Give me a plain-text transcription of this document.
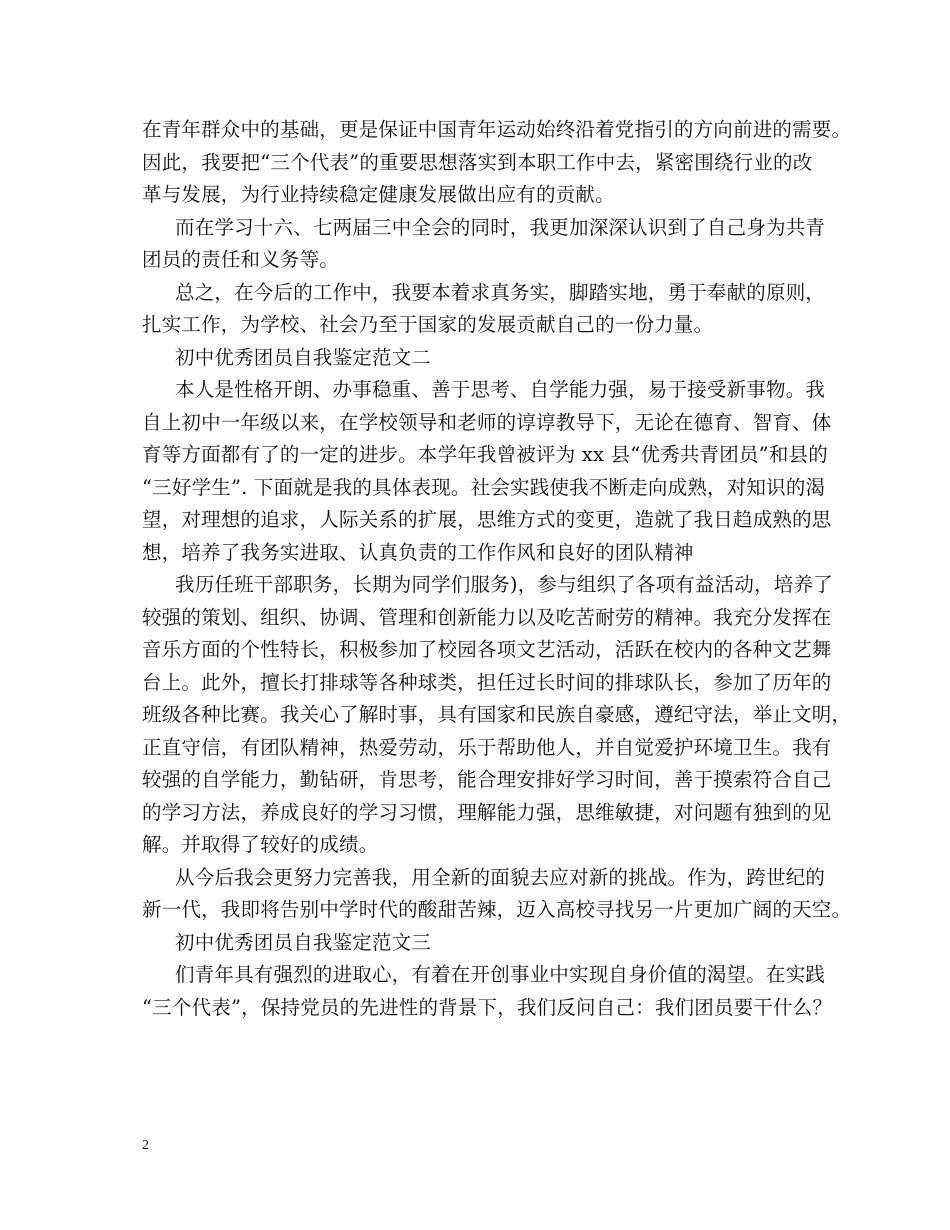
在青年群众中的基础，更是保证中国青年运动始终沿着党指引的方向前进的需要。
因此，我要把“三个代表”的重要思想落实到本职工作中去，紧密围绕行业的改
革与发展，为行业持续稳定健康发展做出应有的贡献。
而在学习十六、七两届三中全会的同时，我更加深深认识到了自己身为共青
团员的责任和义务等。
总之，在今后的工作中，我要本着求真务实，脚踏实地，勇于奉献的原则，
扎实工作，为学校、社会乃至于国家的发展贡献自己的一份力量。
初中优秀团员自我鉴定范文二
本人是性格开朗、办事稳重、善于思考、自学能力强，易于接受新事物。我
自上初中一年级以来，在学校领导和老师的谆谆教导下，无论在德育、智育、体
育等方面都有了的一定的进步。本学年我曾被评为 xx 县“优秀共青团员”和县的
“三好学生”. 下面就是我的具体表现。社会实践使我不断走向成熟，对知识的渴
望，对理想的追求，人际关系的扩展，思维方式的变更，造就了我日趋成熟的思
想，培养了我务实进取、认真负责的工作作风和良好的团队精神
我历任班干部职务，长期为同学们服务)，参与组织了各项有益活动，培养了
较强的策划、组织、协调、管理和创新能力以及吃苦耐劳的精神。我充分发挥在
音乐方面的个性特长，积极参加了校园各项文艺活动，活跃在校内的各种文艺舞
台上。此外，擅长打排球等各种球类，担任过长时间的排球队长，参加了历年的
班级各种比赛。我关心了解时事，具有国家和民族自豪感，遵纪守法，举止文明，
正直守信，有团队精神，热爱劳动，乐于帮助他人，并自觉爱护环境卫生。我有
较强的自学能力，勤钻研，肯思考，能合理安排好学习时间，善于摸索符合自己
的学习方法，养成良好的学习习惯，理解能力强，思维敏捷，对问题有独到的见
解。并取得了较好的成绩。
从今后我会更努力完善我，用全新的面貌去应对新的挑战。作为，跨世纪的
新一代，我即将告别中学时代的酸甜苦辣，迈入高校寻找另一片更加广阔的天空。
初中优秀团员自我鉴定范文三
们青年具有强烈的进取心，有着在开创事业中实现自身价值的渴望。在实践
“三个代表”，保持党员的先进性的背景下，我们反问自己：我们团员要干什么？
2
